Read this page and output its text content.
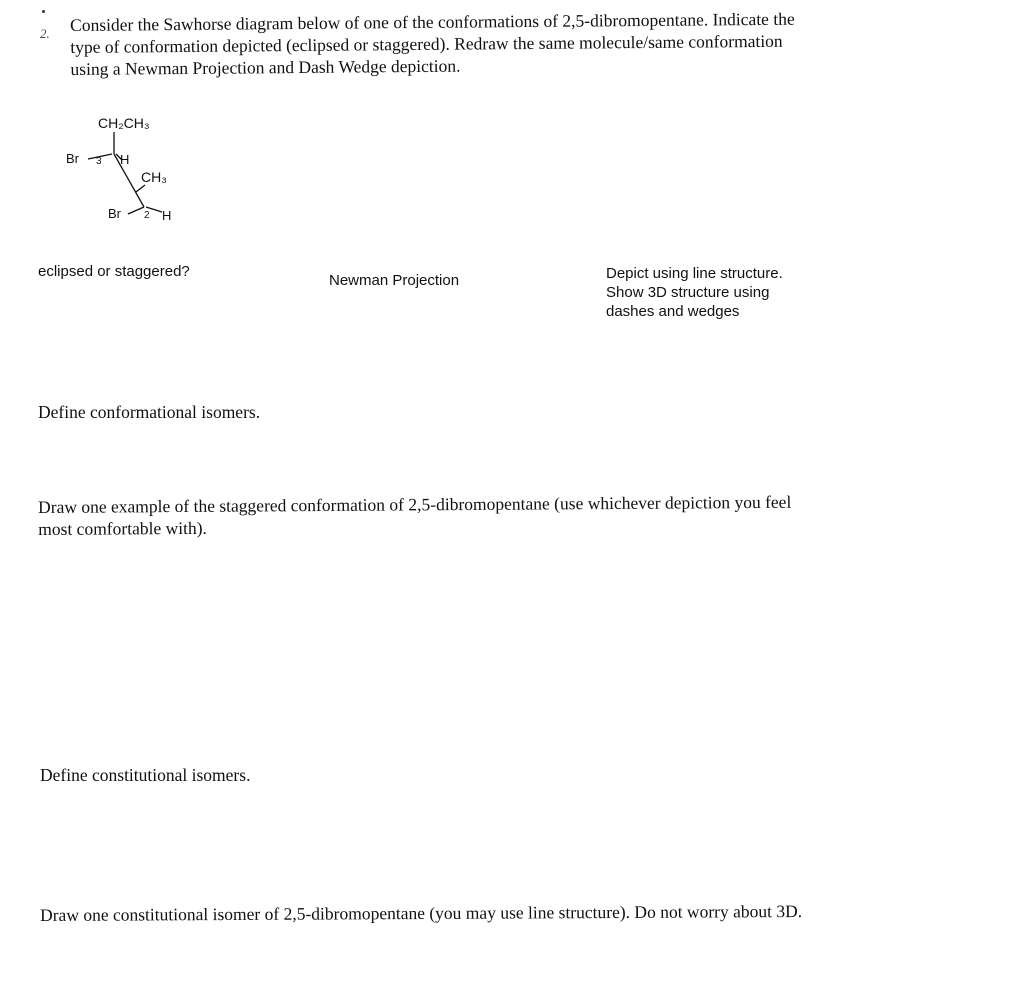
2. Consider the Sawhorse diagram below of one of the conformations of 2,5-dibromopentane. Indicate the
type of conformation depicted (eclipsed or staggered). Redraw the same molecule/same conformation
using a Newman Projection and Dash Wedge depiction.
CH₂CH₃
Br 3 H
CH₃
Br 2 H
eclipsed or staggered?
Newman Projection	Depict using line structure.
Show 3D structure using
dashes and wedges
Define conformational isomers.
Draw one example of the staggered conformation of 2,5-dibromopentane (use whichever depiction you feel
most comfortable with).
Define constitutional isomers.
Draw one constitutional isomer of 2,5-dibromopentane (you may use line structure). Do not worry about 3D.
